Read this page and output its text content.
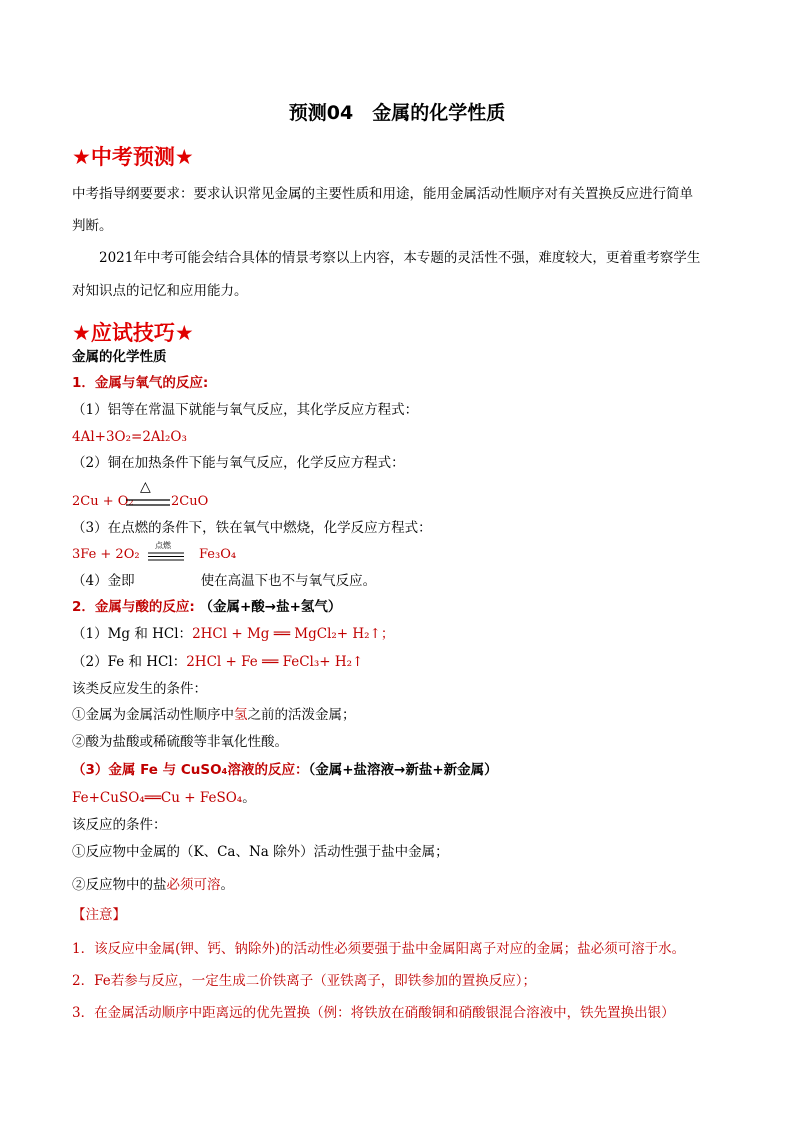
预测04　金属的化学性质
★中考预测★
中考指导纲要要求：要求认识常见金属的主要性质和用途，能用金属活动性顺序对有关置换反应进行简单
判断。
2021年中考可能会结合具体的情景考察以上内容，本专题的灵活性不强，难度较大，更着重考察学生
对知识点的记忆和应用能力。
★应试技巧★
金属的化学性质
1．金属与氧气的反应:
（1）铝等在常温下就能与氧气反应，其化学反应方程式：
4Al+3O₂=2Al₂O₃
（2）铜在加热条件下能与氧气反应，化学反应方程式：
2Cu + O₂
△
2CuO
（3）在点燃的条件下，铁在氧气中燃烧，化学反应方程式：
3Fe + 2O₂
点燃
Fe₃O₄
（4）金即	使在高温下也不与氧气反应。
2．金属与酸的反应: （金属+酸→盐+氢气）
（1）Mg 和 HCl：2HCl + Mg ══ MgCl₂+ H₂↑；
（2）Fe 和 HCl：2HCl + Fe ══ FeCl₃+ H₂↑
该类反应发生的条件：
①金属为金属活动性顺序中氢之前的活泼金属；
②酸为盐酸或稀硫酸等非氧化性酸。
（3）金属 Fe 与 CuSO₄溶液的反应：（金属+盐溶液→新盐+新金属）
Fe+CuSO₄══Cu + FeSO₄。
该反应的条件：
①反应物中金属的（K、Ca、Na 除外）活动性强于盐中金属；
②反应物中的盐必须可溶。
【注意】
1．该反应中金属(钾、钙、钠除外)的活动性必须要强于盐中金属阳离子对应的金属；盐必须可溶于水。
2．Fe若参与反应，一定生成二价铁离子（亚铁离子，即铁参加的置换反应）；
3．在金属活动顺序中距离远的优先置换（例：将铁放在硝酸铜和硝酸银混合溶液中，铁先置换出银）
